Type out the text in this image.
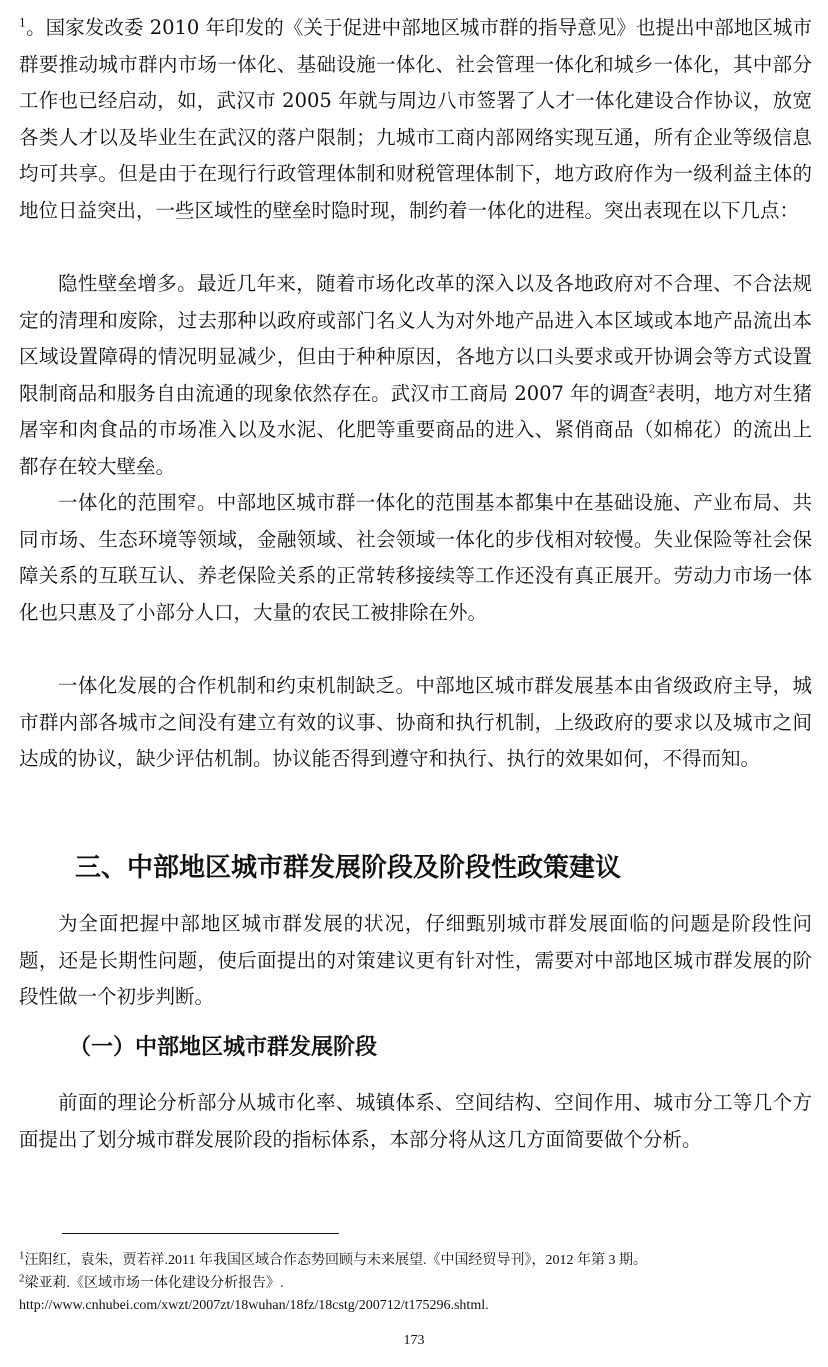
$^1$。国家发改委 2010 年印发的《关于促进中部地区城市群的指导意见》也提出中部地区城市群要推动城市群内市场一体化、基础设施一体化、社会管理一体化和城乡一体化，其中部分工作也已经启动，如，武汉市 2005 年就与周边八市签署了人才一体化建设合作协议，放宽各类人才以及毕业生在武汉的落户限制；九城市工商内部网络实现互通，所有企业等级信息均可共享。但是由于在现行行政管理体制和财税管理体制下，地方政府作为一级利益主体的地位日益突出，一些区域性的壁垒时隐时现，制约着一体化的进程。突出表现在以下几点：

隐性壁垒增多。最近几年来，随着市场化改革的深入以及各地政府对不合理、不合法规定的清理和废除，过去那种以政府或部门名义人为对外地产品进入本区域或本地产品流出本区域设置障碍的情况明显减少，但由于种种原因，各地方以口头要求或开协调会等方式设置限制商品和服务自由流通的现象依然存在。武汉市工商局 2007 年的调查$^2$表明，地方对生猪屠宰和肉食品的市场准入以及水泥、化肥等重要商品的进入、紧俏商品（如棉花）的流出上都存在较大壁垒。

一体化的范围窄。中部地区城市群一体化的范围基本都集中在基础设施、产业布局、共同市场、生态环境等领域，金融领域、社会领域一体化的步伐相对较慢。失业保险等社会保障关系的互联互认、养老保险关系的正常转移接续等工作还没有真正展开。劳动力市场一体化也只惠及了小部分人口，大量的农民工被排除在外。

一体化发展的合作机制和约束机制缺乏。中部地区城市群发展基本由省级政府主导，城市群内部各城市之间没有建立有效的议事、协商和执行机制，上级政府的要求以及城市之间达成的协议，缺少评估机制。协议能否得到遵守和执行、执行的效果如何，不得而知。

三、中部地区城市群发展阶段及阶段性政策建议

为全面把握中部地区城市群发展的状况，仔细甄别城市群发展面临的问题是阶段性问题，还是长期性问题，使后面提出的对策建议更有针对性，需要对中部地区城市群发展的阶段性做一个初步判断。

（一）中部地区城市群发展阶段

前面的理论分析部分从城市化率、城镇体系、空间结构、空间作用、城市分工等几个方面提出了划分城市群发展阶段的指标体系，本部分将从这几方面简要做个分析。

$^1$汪阳红，袁朱，贾若祥.2011 年我国区域合作态势回顾与未来展望.《中国经贸导刊》，2012 年第 3 期。

$^2$梁亚莉.《区域市场一体化建设分析报告》.

http://www.cnhubei.com/xwzt/2007zt/18wuhan/18fz/18cstg/200712/t175296.shtml.

173
